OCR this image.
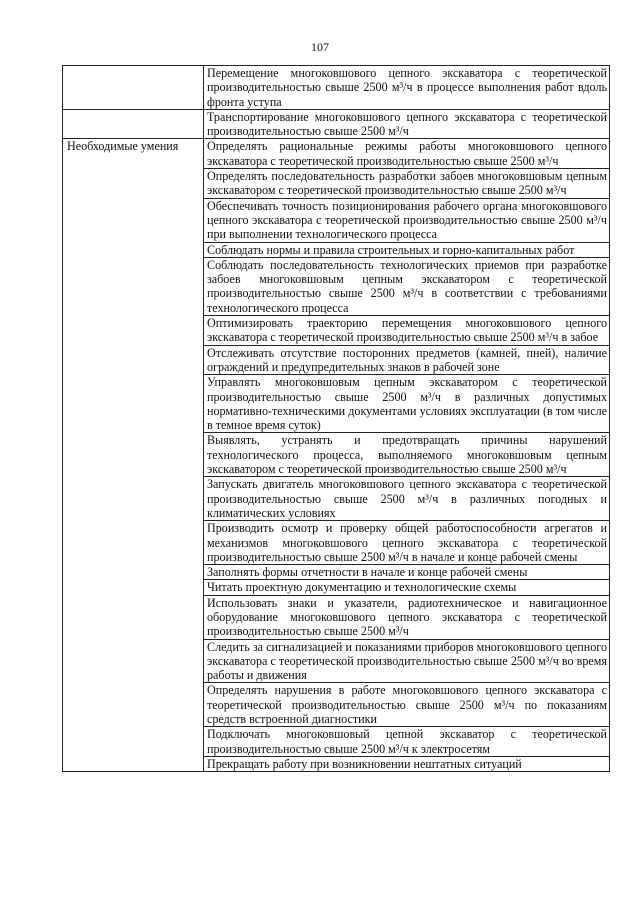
107
	Перемещение многоковшового цепного экскаватора с теоретической производительностью свыше 2500 м³/ч в процессе выполнения работ вдоль фронта уступа
	Транспортирование многоковшового цепного экскаватора с теоретической производительностью свыше 2500 м³/ч
Необходимые умения	Определять рациональные режимы работы многоковшового цепного экскаватора с теоретической производительностью свыше 2500 м³/ч
	Определять последовательность разработки забоев многоковшовым цепным экскаватором с теоретической производительностью свыше 2500 м³/ч
	Обеспечивать точность позиционирования рабочего органа многоковшового цепного экскаватора с теоретической производительностью свыше 2500 м³/ч при выполнении технологического процесса
	Соблюдать нормы и правила строительных и горно-капитальных работ
	Соблюдать последовательность технологических приемов при разработке забоев многоковшовым цепным экскаватором с теоретической производительностью свыше 2500 м³/ч в соответствии с требованиями технологического процесса
	Оптимизировать траекторию перемещения многоковшового цепного экскаватора с теоретической производительностью свыше 2500 м³/ч в забое
	Отслеживать отсутствие посторонних предметов (камней, пней), наличие ограждений и предупредительных знаков в рабочей зоне
	Управлять многоковшовым цепным экскаватором с теоретической производительностью свыше 2500 м³/ч в различных допустимых нормативно-техническими документами условиях эксплуатации (в том числе в темное время суток)
	Выявлять, устранять и предотвращать причины нарушений технологического процесса, выполняемого многоковшовым цепным экскаватором с теоретической производительностью свыше 2500 м³/ч
	Запускать двигатель многоковшового цепного экскаватора с теоретической производительностью свыше 2500 м³/ч в различных погодных и климатических условиях
	Производить осмотр и проверку общей работоспособности агрегатов и механизмов многоковшового цепного экскаватора с теоретической производительностью свыше 2500 м³/ч в начале и конце рабочей смены
	Заполнять формы отчетности в начале и конце рабочей смены
	Читать проектную документацию и технологические схемы
	Использовать знаки и указатели, радиотехническое и навигационное оборудование многоковшового цепного экскаватора с теоретической производительностью свыше 2500 м³/ч
	Следить за сигнализацией и показаниями приборов многоковшового цепного экскаватора с теоретической производительностью свыше 2500 м³/ч во время работы и движения
	Определять нарушения в работе многоковшового цепного экскаватора с теоретической производительностью свыше 2500 м³/ч по показаниям средств встроенной диагностики
	Подключать многоковшовый цепной экскаватор с теоретической производительностью свыше 2500 м³/ч к электросетям
	Прекращать работу при возникновении нештатных ситуаций
